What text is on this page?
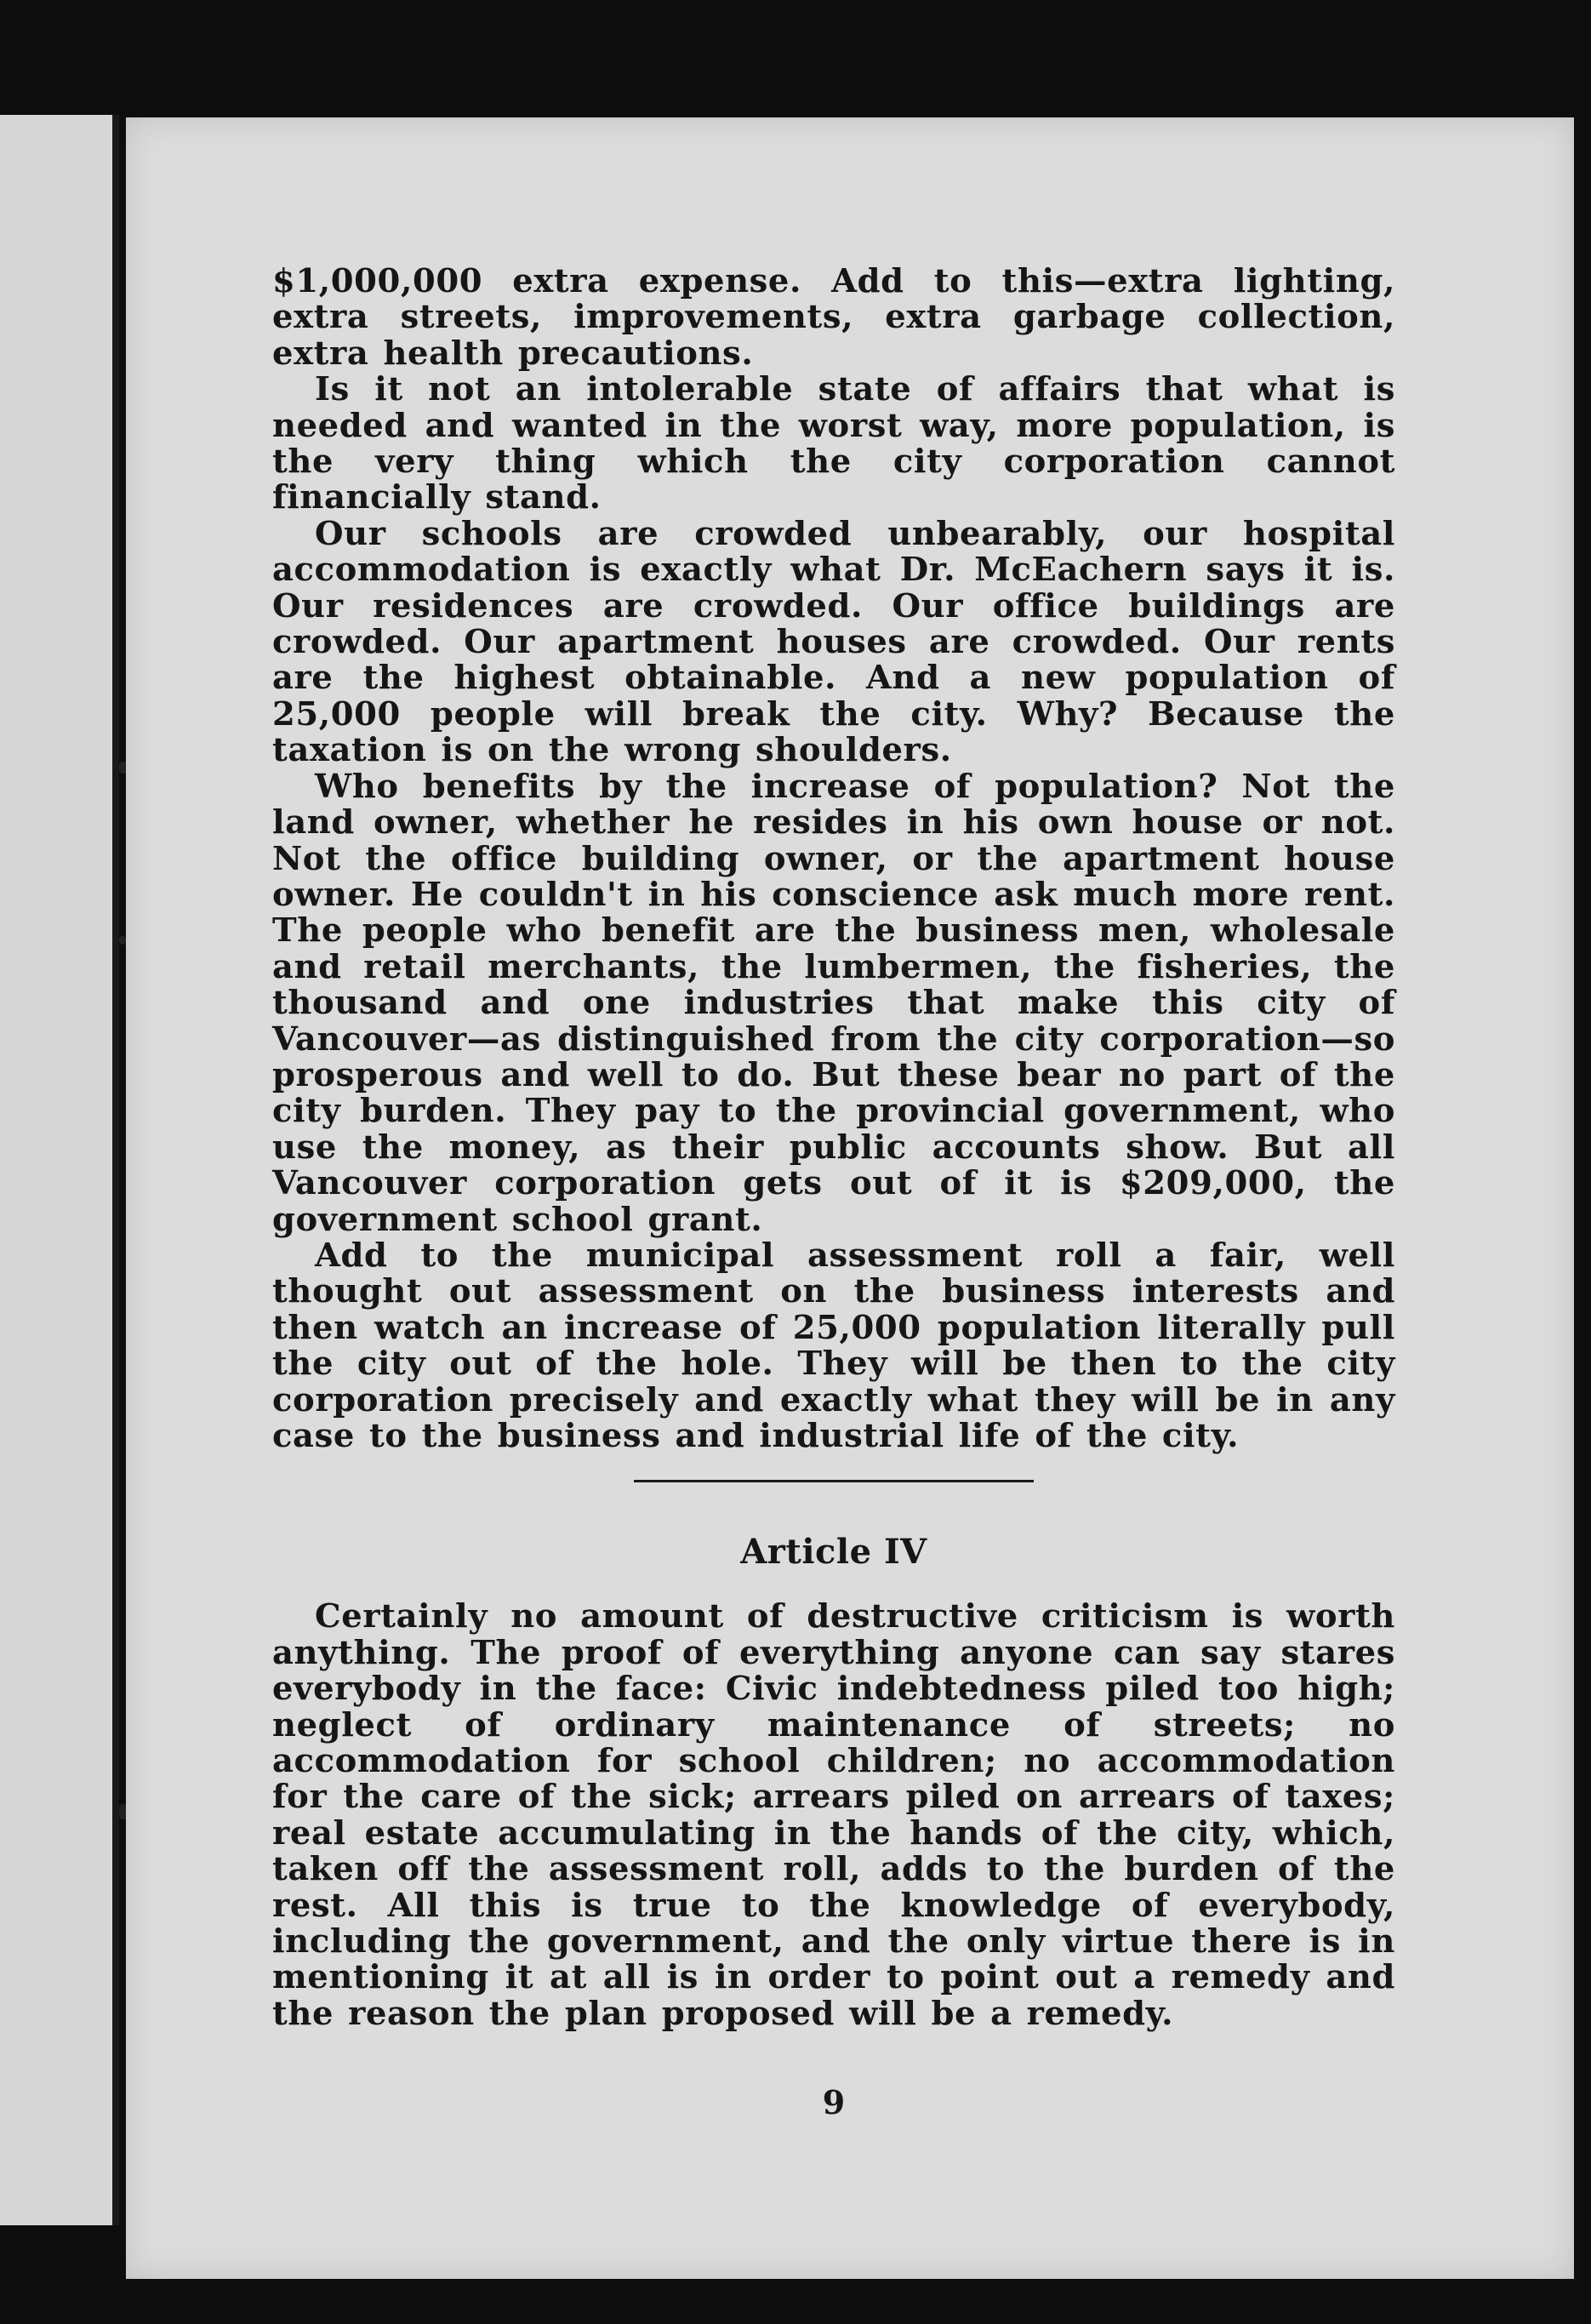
$1,000,000 extra expense. Add to this—extra lighting, extra streets, improvements, extra garbage collection, extra health precautions.

Is it not an intolerable state of affairs that what is needed and wanted in the worst way, more population, is the very thing which the city corporation cannot financially stand.

Our schools are crowded unbearably, our hospital accommodation is exactly what Dr. McEachern says it is. Our residences are crowded. Our office buildings are crowded. Our apartment houses are crowded. Our rents are the highest obtainable. And a new population of 25,000 people will break the city. Why? Because the taxation is on the wrong shoulders.

Who benefits by the increase of population? Not the land owner, whether he resides in his own house or not. Not the office building owner, or the apartment house owner. He couldn't in his conscience ask much more rent. The people who benefit are the business men, wholesale and retail merchants, the lumbermen, the fisheries, the thousand and one industries that make this city of Vancouver—as distinguished from the city corporation—so prosperous and well to do. But these bear no part of the city burden. They pay to the provincial government, who use the money, as their public accounts show. But all Vancouver corporation gets out of it is $209,000, the government school grant.

Add to the municipal assessment roll a fair, well thought out assessment on the business interests and then watch an increase of 25,000 population literally pull the city out of the hole. They will be then to the city corporation precisely and exactly what they will be in any case to the business and industrial life of the city.

Article IV

Certainly no amount of destructive criticism is worth anything. The proof of everything anyone can say stares everybody in the face: Civic indebtedness piled too high; neglect of ordinary maintenance of streets; no accommodation for school children; no accommodation for the care of the sick; arrears piled on arrears of taxes; real estate accumulating in the hands of the city, which, taken off the assessment roll, adds to the burden of the rest. All this is true to the knowledge of everybody, including the government, and the only virtue there is in mentioning it at all is in order to point out a remedy and the reason the plan proposed will be a remedy.

9
